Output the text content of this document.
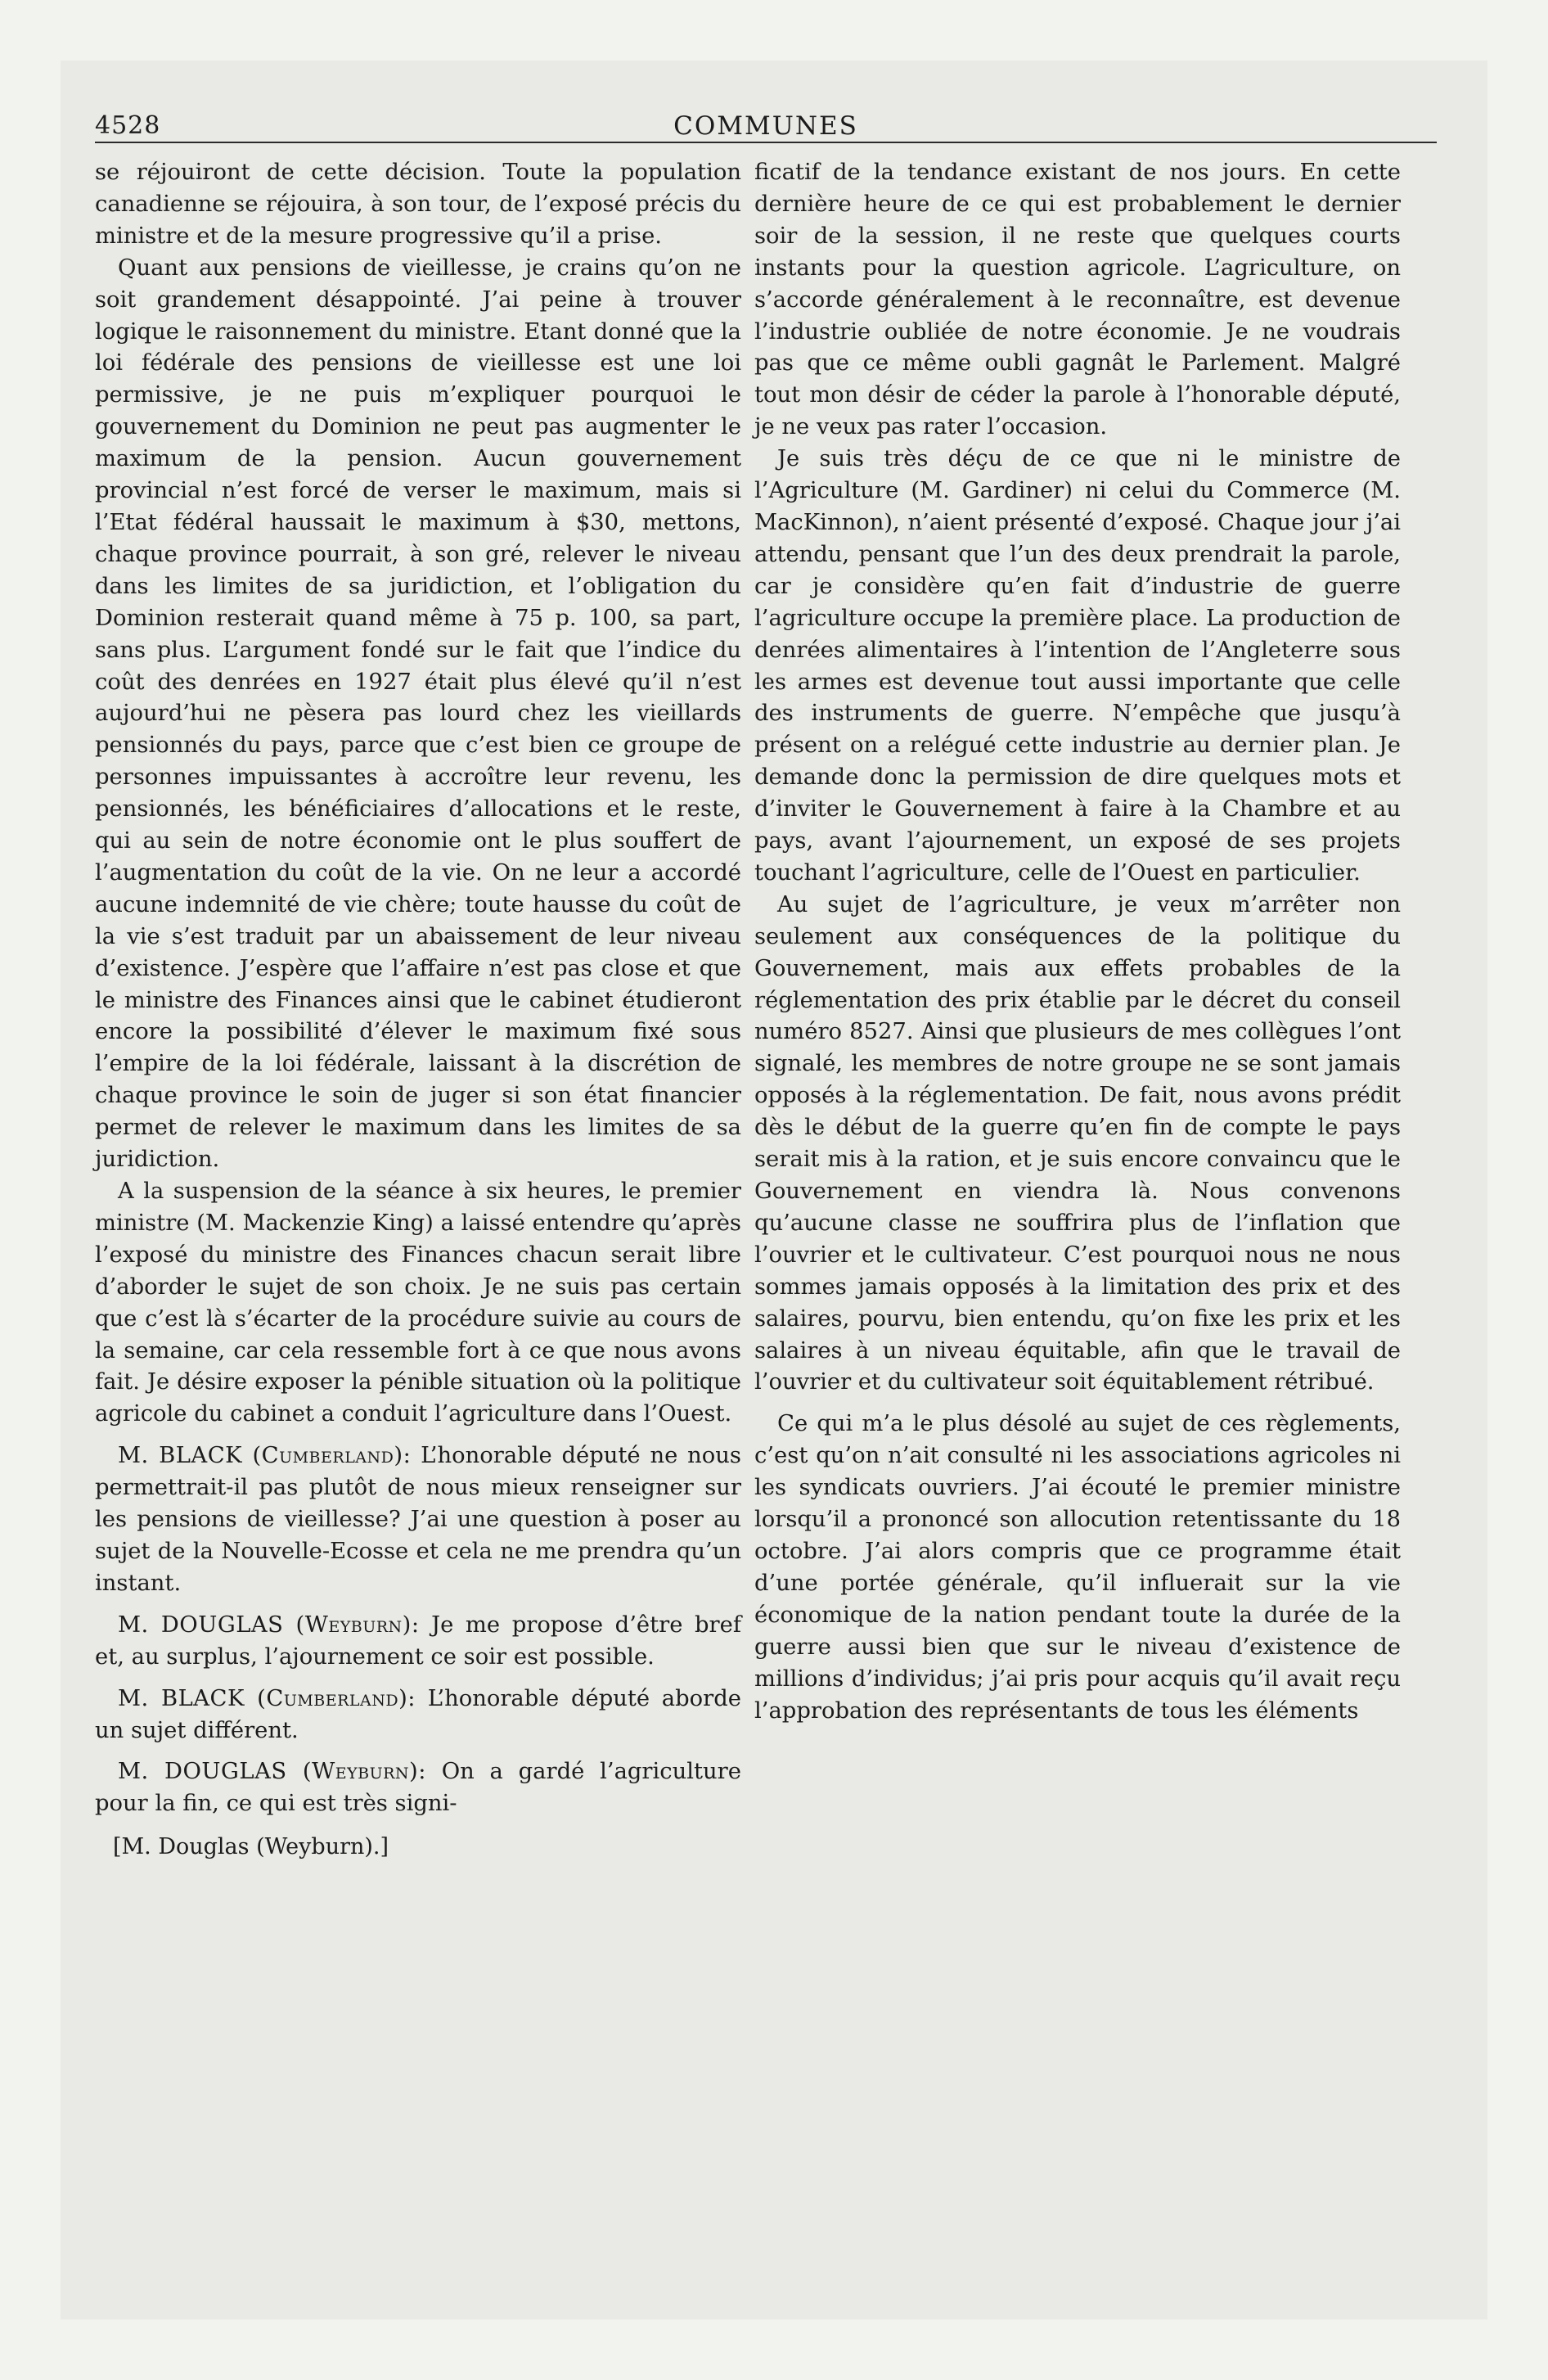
4528	COMMUNES

se réjouiront de cette décision. Toute la population canadienne se réjouira, à son tour, de l’exposé précis du ministre et de la mesure progressive qu’il a prise.

Quant aux pensions de vieillesse, je crains qu’on ne soit grandement désappointé. J’ai peine à trouver logique le raisonnement du ministre. Etant donné que la loi fédérale des pensions de vieillesse est une loi permissive, je ne puis m’expliquer pourquoi le gouvernement du Dominion ne peut pas augmenter le maximum de la pension. Aucun gouvernement provincial n’est forcé de verser le maximum, mais si l’Etat fédéral haussait le maximum à $30, mettons, chaque province pourrait, à son gré, relever le niveau dans les limites de sa juridiction, et l’obligation du Dominion resterait quand même à 75 p. 100, sa part, sans plus. L’argument fondé sur le fait que l’indice du coût des denrées en 1927 était plus élevé qu’il n’est aujourd’hui ne pèsera pas lourd chez les vieillards pensionnés du pays, parce que c’est bien ce groupe de personnes impuissantes à accroître leur revenu, les pensionnés, les bénéficiaires d’allocations et le reste, qui au sein de notre économie ont le plus souffert de l’augmentation du coût de la vie. On ne leur a accordé aucune indemnité de vie chère; toute hausse du coût de la vie s’est traduit par un abaissement de leur niveau d’existence. J’espère que l’affaire n’est pas close et que le ministre des Finances ainsi que le cabinet étudieront encore la possibilité d’élever le maximum fixé sous l’empire de la loi fédérale, laissant à la discrétion de chaque province le soin de juger si son état financier permet de relever le maximum dans les limites de sa juridiction.

A la suspension de la séance à six heures, le premier ministre (M. Mackenzie King) a laissé entendre qu’après l’exposé du ministre des Finances chacun serait libre d’aborder le sujet de son choix. Je ne suis pas certain que c’est là s’écarter de la procédure suivie au cours de la semaine, car cela ressemble fort à ce que nous avons fait. Je désire exposer la pénible situation où la politique agricole du cabinet a conduit l’agriculture dans l’Ouest.

M. BLACK (Cumberland): L’honorable député ne nous permettrait-il pas plutôt de nous mieux renseigner sur les pensions de vieillesse? J’ai une question à poser au sujet de la Nouvelle-Ecosse et cela ne me prendra qu’un instant.

M. DOUGLAS (Weyburn): Je me propose d’être bref et, au surplus, l’ajournement ce soir est possible.

M. BLACK (Cumberland): L’honorable député aborde un sujet différent.

M. DOUGLAS (Weyburn): On a gardé l’agriculture pour la fin, ce qui est très signi-

[M. Douglas (Weyburn).]

ficatif de la tendance existant de nos jours. En cette dernière heure de ce qui est probablement le dernier soir de la session, il ne reste que quelques courts instants pour la question agricole. L’agriculture, on s’accorde généralement à le reconnaître, est devenue l’industrie oubliée de notre économie. Je ne voudrais pas que ce même oubli gagnât le Parlement. Malgré tout mon désir de céder la parole à l’honorable député, je ne veux pas rater l’occasion.

Je suis très déçu de ce que ni le ministre de l’Agriculture (M. Gardiner) ni celui du Commerce (M. MacKinnon), n’aient présenté d’exposé. Chaque jour j’ai attendu, pensant que l’un des deux prendrait la parole, car je considère qu’en fait d’industrie de guerre l’agriculture occupe la première place. La production de denrées alimentaires à l’intention de l’Angleterre sous les armes est devenue tout aussi importante que celle des instruments de guerre. N’empêche que jusqu’à présent on a relégué cette industrie au dernier plan. Je demande donc la permission de dire quelques mots et d’inviter le Gouvernement à faire à la Chambre et au pays, avant l’ajournement, un exposé de ses projets touchant l’agriculture, celle de l’Ouest en particulier.

Au sujet de l’agriculture, je veux m’arrêter non seulement aux conséquences de la politique du Gouvernement, mais aux effets probables de la réglementation des prix établie par le décret du conseil numéro 8527. Ainsi que plusieurs de mes collègues l’ont signalé, les membres de notre groupe ne se sont jamais opposés à la réglementation. De fait, nous avons prédit dès le début de la guerre qu’en fin de compte le pays serait mis à la ration, et je suis encore convaincu que le Gouvernement en viendra là. Nous convenons qu’aucune classe ne souffrira plus de l’inflation que l’ouvrier et le cultivateur. C’est pourquoi nous ne nous sommes jamais opposés à la limitation des prix et des salaires, pourvu, bien entendu, qu’on fixe les prix et les salaires à un niveau équitable, afin que le travail de l’ouvrier et du cultivateur soit équitablement rétribué.

Ce qui m’a le plus désolé au sujet de ces règlements, c’est qu’on n’ait consulté ni les associations agricoles ni les syndicats ouvriers. J’ai écouté le premier ministre lorsqu’il a prononcé son allocution retentissante du 18 octobre. J’ai alors compris que ce programme était d’une portée générale, qu’il influerait sur la vie économique de la nation pendant toute la durée de la guerre aussi bien que sur le niveau d’existence de millions d’individus; j’ai pris pour acquis qu’il avait reçu l’approbation des représentants de tous les éléments
